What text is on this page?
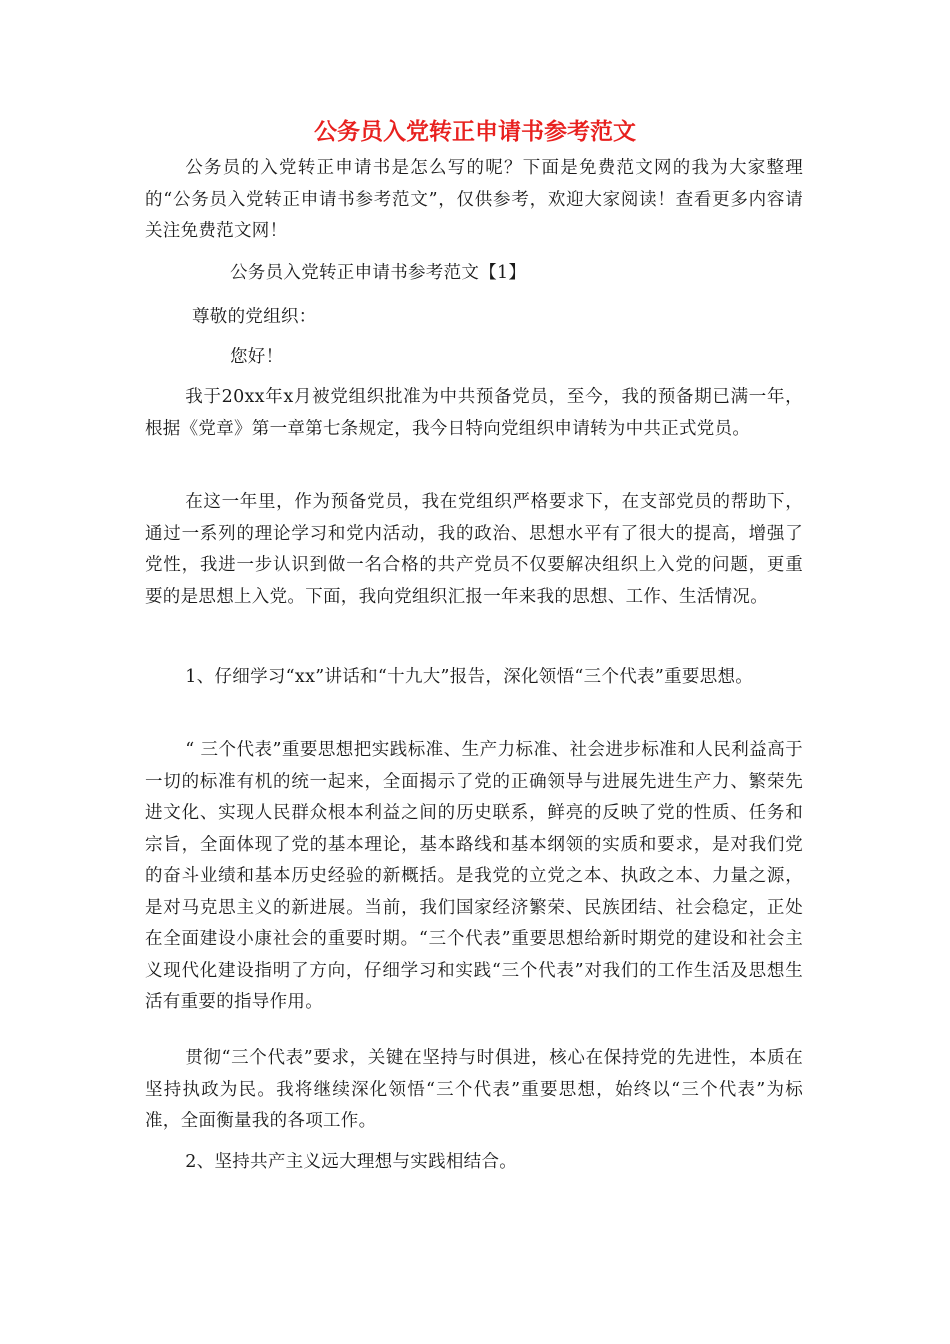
公务员入党转正申请书参考范文

公务员的入党转正申请书是怎么写的呢？下面是免费范文网的我为大家整理的“公务员入党转正申请书参考范文”，仅供参考，欢迎大家阅读！查看更多内容请关注免费范文网！

公务员入党转正申请书参考范文【1】
尊敬的党组织：
您好！

我于20xx年x月被党组织批准为中共预备党员，至今，我的预备期已满一年，根据《党章》第一章第七条规定，我今日特向党组织申请转为中共正式党员。

在这一年里，作为预备党员，我在党组织严格要求下，在支部党员的帮助下，通过一系列的理论学习和党内活动，我的政治、思想水平有了很大的提高，增强了党性，我进一步认识到做一名合格的共产党员不仅要解决组织上入党的问题，更重要的是思想上入党。下面，我向党组织汇报一年来我的思想、工作、生活情况。

1、仔细学习“xx”讲话和“十九大”报告，深化领悟“三个代表”重要思想。

“ 三个代表”重要思想把实践标准、生产力标准、社会进步标准和人民利益高于一切的标准有机的统一起来，全面揭示了党的正确领导与进展先进生产力、繁荣先进文化、实现人民群众根本利益之间的历史联系，鲜亮的反映了党的性质、任务和宗旨，全面体现了党的基本理论，基本路线和基本纲领的实质和要求，是对我们党的奋斗业绩和基本历史经验的新概括。是我党的立党之本、执政之本、力量之源，是对马克思主义的新进展。当前，我们国家经济繁荣、民族团结、社会稳定，正处在全面建设小康社会的重要时期。“三个代表”重要思想给新时期党的建设和社会主义现代化建设指明了方向，仔细学习和实践“三个代表”对我们的工作生活及思想生活有重要的指导作用。

贯彻“三个代表”要求，关键在坚持与时俱进，核心在保持党的先进性，本质在坚持执政为民。我将继续深化领悟“三个代表”重要思想，始终以“三个代表”为标准，全面衡量我的各项工作。

2、坚持共产主义远大理想与实践相结合。
